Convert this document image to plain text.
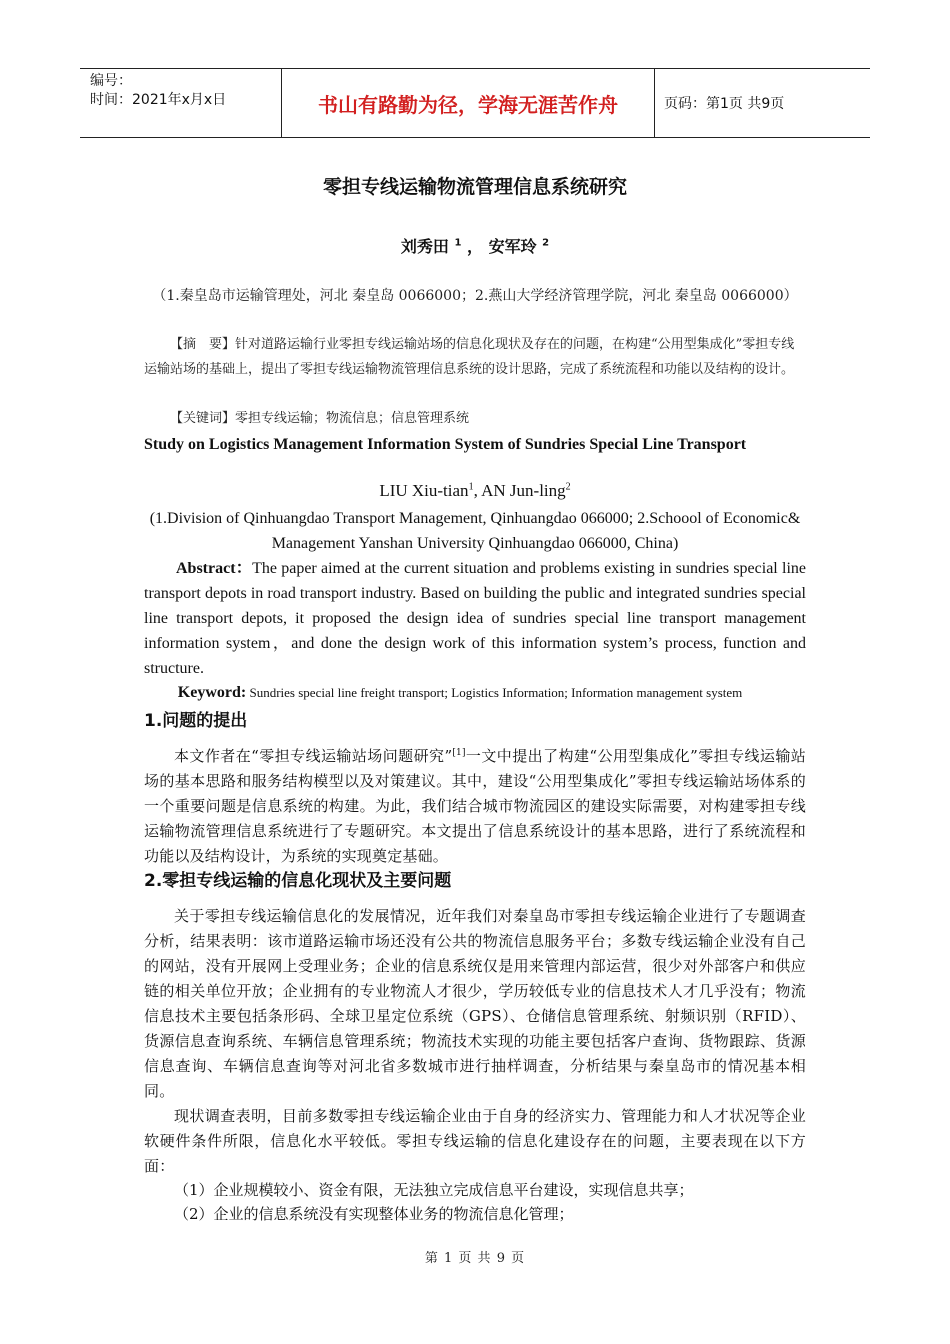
编号：
时间：2021年x月x日	书山有路勤为径，学海无涯苦作舟	页码：第1页 共9页
零担专线运输物流管理信息系统研究
刘秀田 $^1$ ， 安军玲 $^2$
（1.秦皇岛市运输管理处，河北 秦皇岛 0066000；2.燕山大学经济管理学院，河北 秦皇岛 0066000）
【摘　要】针对道路运输行业零担专线运输站场的信息化现状及存在的问题，在构建“公用型集成化”零担专线运输站场的基础上，提出了零担专线运输物流管理信息系统的设计思路，完成了系统流程和功能以及结构的设计。
【关键词】零担专线运输；物流信息；信息管理系统
Study on Logistics Management Information System of Sundries Special Line Transport
LIU Xiu-tian$^1$, AN Jun-ling$^2$
(1.Division of Qinhuangdao Transport Management, Qinhuangdao 066000; 2.Schoool of Economic& Management Yanshan University Qinhuangdao 066000, China)
Abstract：The paper aimed at the current situation and problems existing in sundries special line transport depots in road transport industry. Based on building the public and integrated sundries special line transport depots, it proposed the design idea of sundries special line transport management information system，and done the design work of this information system’s process, function and structure.
Keyword: Sundries special line freight transport; Logistics Information; Information management system
1.问题的提出
本文作者在“零担专线运输站场问题研究”[1]一文中提出了构建“公用型集成化”零担专线运输站场的基本思路和服务结构模型以及对策建议。其中，建设“公用型集成化”零担专线运输站场体系的一个重要问题是信息系统的构建。为此，我们结合城市物流园区的建设实际需要，对构建零担专线运输物流管理信息系统进行了专题研究。本文提出了信息系统设计的基本思路，进行了系统流程和功能以及结构设计，为系统的实现奠定基础。
2.零担专线运输的信息化现状及主要问题
关于零担专线运输信息化的发展情况，近年我们对秦皇岛市零担专线运输企业进行了专题调查分析，结果表明：该市道路运输市场还没有公共的物流信息服务平台；多数专线运输企业没有自己的网站，没有开展网上受理业务；企业的信息系统仅是用来管理内部运营，很少对外部客户和供应链的相关单位开放；企业拥有的专业物流人才很少，学历较低专业的信息技术人才几乎没有；物流信息技术主要包括条形码、全球卫星定位系统（GPS）、仓储信息管理系统、射频识别（RFID）、货源信息查询系统、车辆信息管理系统；物流技术实现的功能主要包括客户查询、货物跟踪、货源信息查询、车辆信息查询等对河北省多数城市进行抽样调查，分析结果与秦皇岛市的情况基本相同。
现状调查表明，目前多数零担专线运输企业由于自身的经济实力、管理能力和人才状况等企业软硬件条件所限，信息化水平较低。零担专线运输的信息化建设存在的问题，主要表现在以下方面：
（1）企业规模较小、资金有限，无法独立完成信息平台建设，实现信息共享；
（2）企业的信息系统没有实现整体业务的物流信息化管理；
第 1 页 共 9 页
